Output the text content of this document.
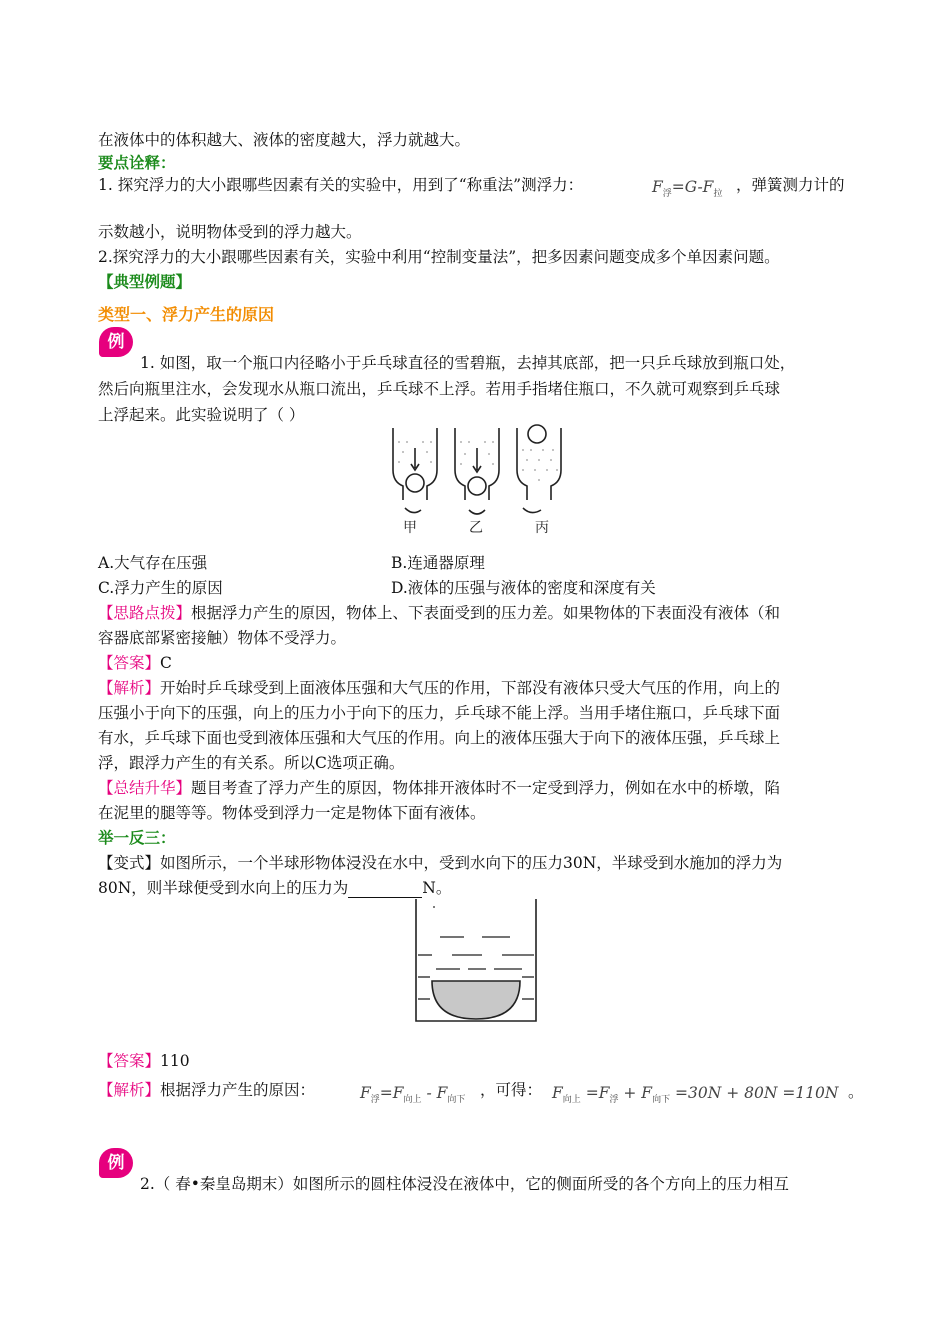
在液体中的体积越大、液体的密度越大，浮力就越大。
要点诠释：
1. 探究浮力的大小跟哪些因素有关的实验中，用到了“称重法”测浮力：	$F_浮=G-F_拉$
，弹簧测力计的
示数越小，说明物体受到的浮力越大。
2.探究浮力的大小跟哪些因素有关，实验中利用“控制变量法”，把多因素问题变成多个单因素问题。
【典型例题】
类型一、浮力产生的原因
例
1. 如图，取一个瓶口内径略小于乒乓球直径的雪碧瓶，去掉其底部，把一只乒乓球放到瓶口处，
然后向瓶里注水，会发现水从瓶口流出，乒乓球不上浮。若用手指堵住瓶口，不久就可观察到乒乓球
上浮起来。此实验说明了（ ）
甲	乙	丙
A.大气存在压强	B.连通器原理
C.浮力产生的原因	D.液体的压强与液体的密度和深度有关
【思路点拨】根据浮力产生的原因，物体上、下表面受到的压力差。如果物体的下表面没有液体（和
容器底部紧密接触）物体不受浮力。
【答案】C
【解析】开始时乒乓球受到上面液体压强和大气压的作用，下部没有液体只受大气压的作用，向上的
压强小于向下的压强，向上的压力小于向下的压力，乒乓球不能上浮。当用手堵住瓶口，乒乓球下面
有水，乒乓球下面也受到液体压强和大气压的作用。向上的液体压强大于向下的液体压强，乒乓球上
浮，跟浮力产生的有关系。所以C选项正确。
【总结升华】题目考查了浮力产生的原因，物体排开液体时不一定受到浮力，例如在水中的桥墩，陷
在泥里的腿等等。物体受到浮力一定是物体下面有液体。
举一反三：
【变式】如图所示，一个半球形物体浸没在水中，受到水向下的压力30N，半球受到水施加的浮力为
80N，则半球便受到水向上的压力为	N。
【答案】110
【解析】根据浮力产生的原因：	$F_浮=F_{向上} - F_{向下}$
，可得： $F_{向上} =F_浮 + F_{向下} =30N + 80N =110N$ 。
例
2.（ 春•秦皇岛期末）如图所示的圆柱体浸没在液体中，它的侧面所受的各个方向上的压力相互
